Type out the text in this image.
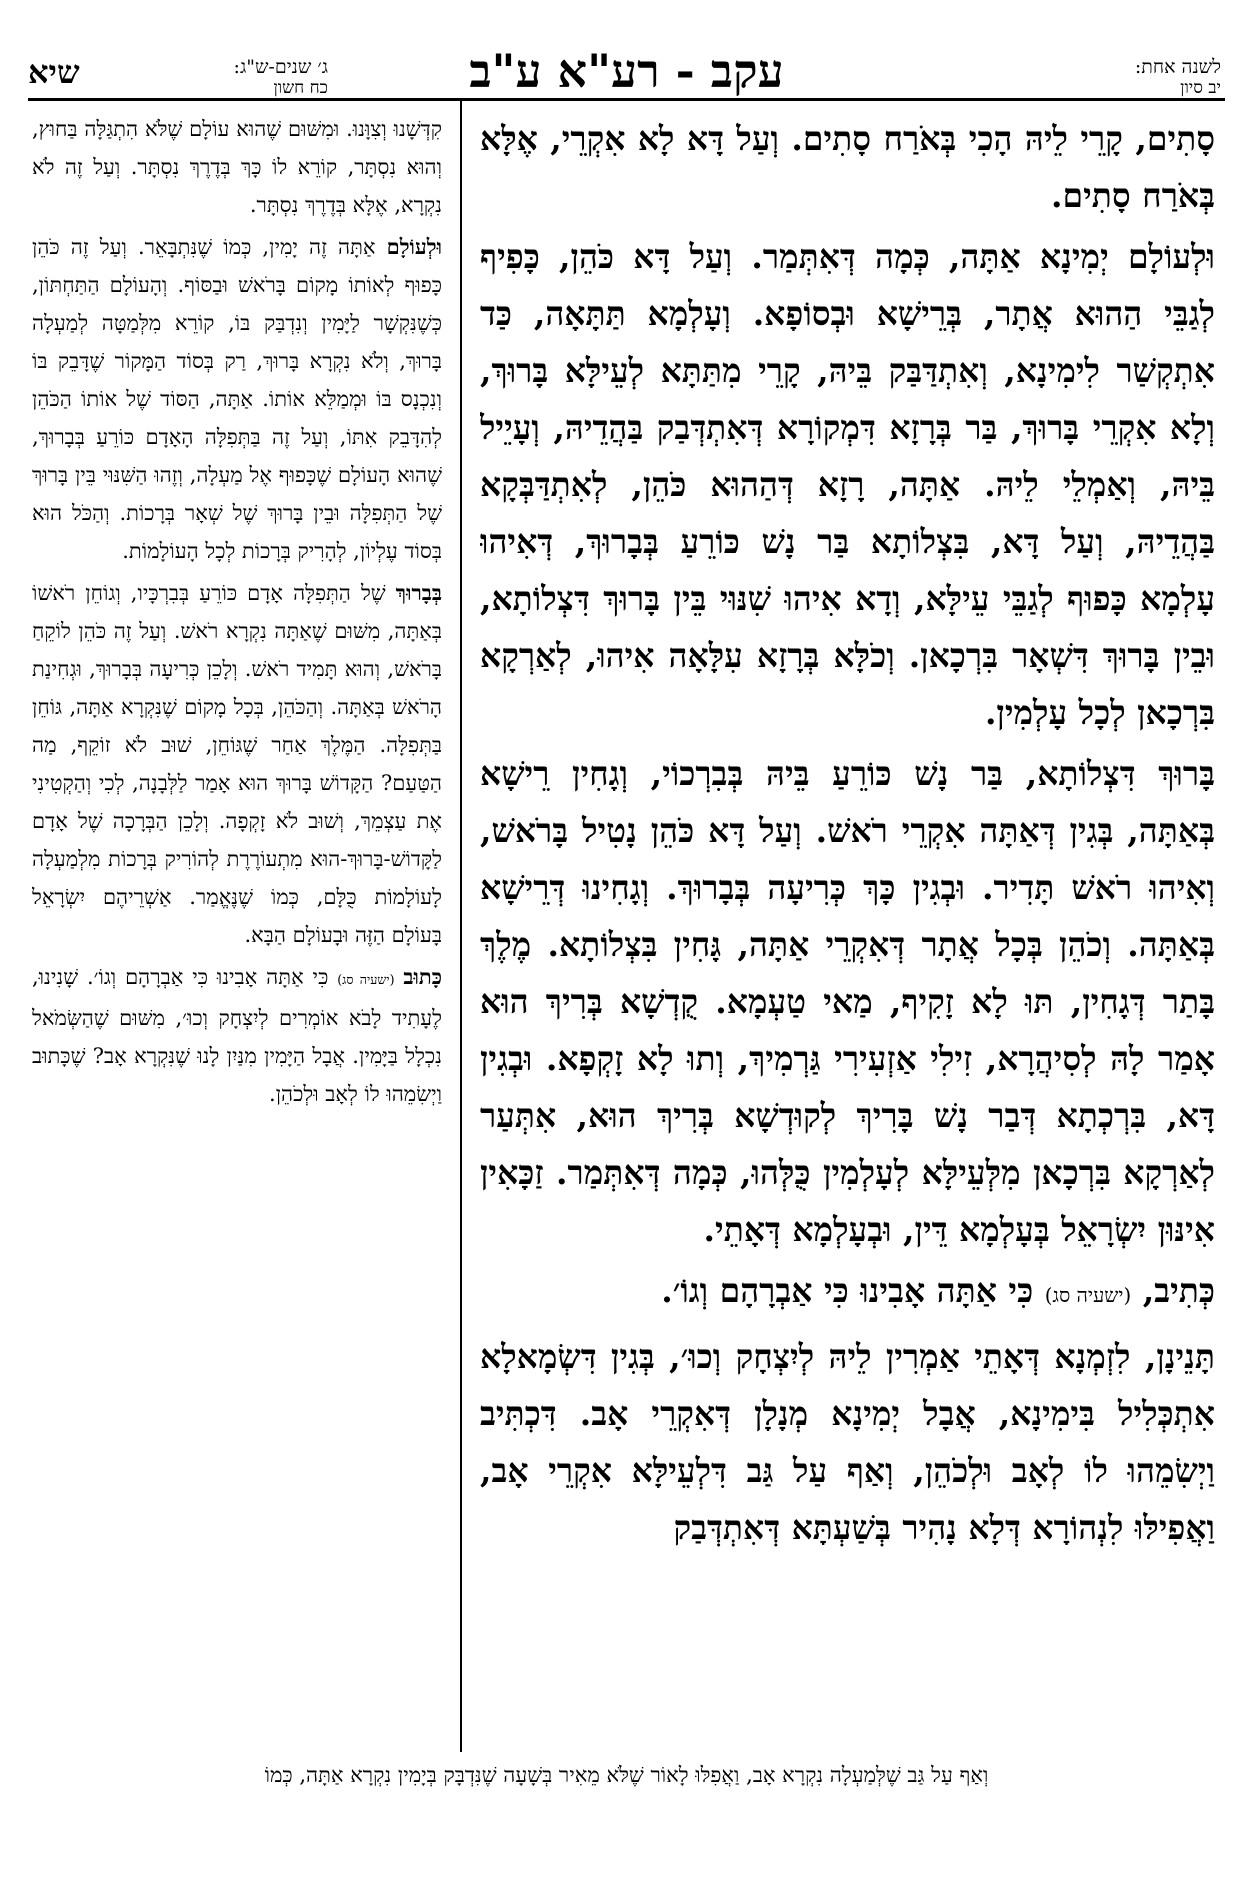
שיא	ג׳ שנים-ש"ג:
כח חשון	עקב - רע"א ע"ב	לשנה אחת:
יב סיון

סָתִים, קָרֵי לֵיהּ הָכִי בְּאֹרַח סָתִים. וְעַל דָּא לָא אִקְרֵי, אֶלָּא בְּאֹרַח סָתִים.

וּלְעוֹלָם יְמִינָא אַתָּה, כְּמָה דְּאִתְּמַר. וְעַל דָּא כֹּהֵן, כָּפִיף לְגַבֵּי הַהוּא אֲתָר, בְּרֵישָׁא וּבְסוֹפָא. וְעָלְמָא תַּתָּאָה, כַּד אִתְקְשַׁר לִימִינָא, וְאִתְדַּבַּק בֵּיהּ, קָרֵי מִתַּתָּא לְעֵילָּא בָּרוּךְ, וְלָא אִקְרֵי בָּרוּךְ, בַּר בְּרָזָא דִּמְקוֹרָא דְּאִתְדְּבַק בַּהֲדֵיהּ, וְעָיֵיל בֵּיהּ, וְאַמְלֵי לֵיהּ. אַתָּה, רָזָא דְּהַהוּא כֹּהֵן, לְאִתְדַּבְּקָא בַּהֲדֵיהּ, וְעַל דָּא, בִּצְלוֹתָא בַּר נָשׁ כּוֹרֵעַ בְּבָרוּךְ, דְּאִיהוּ עָלְמָא כָּפוּף לְגַבֵּי עֵילָּא, וְדָא אִיהוּ שִׁנּוּי בֵּין בָּרוּךְ דִּצְלוֹתָא, וּבֵין בָּרוּךְ דִּשְׁאָר בִּרְכָאן. וְכֹלָּא בְּרָזָא עִלָּאָה אִיהוּ, לְאַרְקָא בִּרְכָאן לְכָל עָלְמִין.

בָּרוּךְ דִּצְלוֹתָא, בַּר נָשׁ כּוֹרֵעַ בֵּיהּ בְּבִרְכוֹי, וְגָחִין רֵישָׁא בְּאַתָּה, בְּגִין דְּאַתָּה אִקְרֵי רֹאשׁ. וְעַל דָּא כֹּהֵן נָטִיל בָּרֹאשׁ, וְאִיהוּ רֹאשׁ תָּדִיר. וּבְגִין כָּךְ כְּרִיעָה בְּבָרוּךְ. וְגָחִינוּ דְּרֵישָׁא בְּאַתָּה. וְכֹהֵן בְּכָל אֲתָר דְּאִקְרֵי אַתָּה, גָּחִין בִּצְלוֹתָא. מֶלֶךְ בָּתַר דְּגָחִין, תּוּ לָא זָקִיף, מַאי טַעְמָא. קֻדְשָׁא בְּרִיךְ הוּא אָמַר לָהּ לְסִיהֲרָא, זִילִי אַזְעִירִי גַּרְמִיךְ, וְתוּ לָא זָקְפָא. וּבְגִין דָּא, בִּרְכְתָא דְּבַר נָשׁ בָּרִיךְ לְקוּדְשָׁא בְּרִיךְ הוּא, אִתְּעַר לְאַרְקָא בִּרְכָאן מִלְּעֵילָּא לְעָלְמִין כֻּלְּהוּ, כְּמָה דְּאִתְּמַר. זַכָּאִין אִינּוּן יִשְׂרָאֵל בְּעָלְמָא דֵּין, וּבְעָלְמָא דְּאָתֵי.

כְּתִיב, (ישעיה סג) כִּי אַתָּה אָבִינוּ כִּי אַבְרָהָם וְגוֹ׳.

תָּנֵינָן, לִזְמְנָא דְּאָתֵי אַמְרִין לֵיהּ לְיִצְחָק וְכוּ׳, בְּגִין דִּשְׂמָאלָא אִתְכְּלִיל בִּימִינָא, אֲבָל יְמִינָא מְנָלָן דְּאִקְרֵי אָב. דִּכְתִּיב וַיְשִׂמֵהוּ לוֹ לְאָב וּלְכֹהֵן, וְאַף עַל גַּב דִּלְעֵילָּא אִקְרֵי אָב, וַאֲפִילּוּ לִנְהוֹרָא דְּלָא נָהִיר בְּשַׁעְתָּא דְּאִתְדְּבַק

קִדְּשָׁנוּ וְצִוָּנוּ. וּמִשּׁוּם שֶׁהוּא עוֹלָם שֶׁלֹּא הִתְגַּלָּה בַּחוּץ, וְהוּא נִסְתָּר, קוֹרֵא לוֹ כָּךְ בְּדֶרֶךְ נִסְתָּר. וְעַל זֶה לֹא נִקְרָא, אֶלָּא בְּדֶרֶךְ נִסְתָּר.

וּלְעוֹלָם אַתָּה זֶה יָמִין, כְּמוֹ שֶׁנִּתְבָּאֵר. וְעַל זֶה כֹּהֵן כָּפוּף לְאוֹתוֹ מָקוֹם בָּרֹאשׁ וּבַסּוֹף. וְהָעוֹלָם הַתַּחְתּוֹן, כְּשֶׁנִּקְשָׁר לַיָּמִין וְנִדְבַּק בּוֹ, קוֹרֵא מִלְּמַטָּה לְמַעְלָה בָּרוּךְ, וְלֹא נִקְרָא בָּרוּךְ, רַק בְּסוֹד הַמָּקוֹר שֶׁדָּבֵק בּוֹ וְנִכְנָס בּוֹ וּמְמַלֵּא אוֹתוֹ. אַתָּה, הַסּוֹד שֶׁל אוֹתוֹ הַכֹּהֵן לְהִדָּבֵק אִתּוֹ, וְעַל זֶה בַּתְּפִלָּה הָאָדָם כּוֹרֵעַ בְּבָרוּךְ, שֶׁהוּא הָעוֹלָם שֶׁכָּפוּף אֶל מַעְלָה, וְזֶהוּ הַשִּׁנּוּי בֵּין בָּרוּךְ שֶׁל הַתְּפִלָּה וּבֵין בָּרוּךְ שֶׁל שְׁאָר בְּרָכוֹת. וְהַכֹּל הוּא בְּסוֹד עֶלְיוֹן, לְהָרִיק בְּרָכוֹת לְכָל הָעוֹלָמוֹת.

בְּבָרוּךְ שֶׁל הַתְּפִלָּה אָדָם כּוֹרֵעַ בְּבִרְכָּיו, וְגוֹחֵן רֹאשׁוֹ בְּאַתָּה, מִשּׁוּם שֶׁאַתָּה נִקְרָא רֹאשׁ. וְעַל זֶה כֹּהֵן לוֹקֵחַ בָּרֹאשׁ, וְהוּא תָּמִיד רֹאשׁ. וְלָכֵן כְּרִיעָה בְּבָרוּךְ, וּגְחִינַת הָרֹאשׁ בְּאַתָּה. וְהַכֹּהֵן, בְּכָל מָקוֹם שֶׁנִּקְרָא אַתָּה, גּוֹחֵן בַּתְּפִלָּה. הַמֶּלֶךְ אַחַר שֶׁגּוֹחֵן, שׁוּב לֹא זוֹקֵף, מַה הַטַּעַם? הַקָּדוֹשׁ בָּרוּךְ הוּא אָמַר לַלְּבָנָה, לְכִי וְהַקְטִינִי אֶת עַצְמֵךְ, וְשׁוּב לֹא זָקְפָה. וְלָכֵן הַבְּרָכָה שֶׁל אָדָם לַקָּדוֹשׁ-בָּרוּךְ-הוּא מִתְעוֹרֶרֶת לְהוֹרִיק בְּרָכוֹת מִלְמַעְלָה לָעוֹלָמוֹת כֻּלָּם, כְּמוֹ שֶׁנֶּאֱמַר. אַשְׁרֵיהֶם יִשְׂרָאֵל בָּעוֹלָם הַזֶּה וּבָעוֹלָם הַבָּא.

כָּתוּב (ישעיה סג) כִּי אַתָּה אָבִינוּ כִּי אַבְרָהָם וְגוֹ׳. שָׁנִינוּ, לֶעָתִיד לָבֹא אוֹמְרִים לְיִצְחָק וְכוּ׳, מִשּׁוּם שֶׁהַשְּׂמֹאל נִכְלָל בַּיָּמִין. אֲבָל הַיָּמִין מִנַּיִן לָנוּ שֶׁנִּקְרָא אָב? שֶׁכָּתוּב וַיְשִׂמֵהוּ לוֹ לְאָב וּלְכֹהֵן.

וְאַף עַל גַּב שֶׁלְּמַעְלָה נִקְרָא אָב, וַאֲפִלּוּ לָאוֹר שֶׁלֹּא מֵאִיר בְּשָׁעָה שֶׁנִּדְבָּק בְּיָמִין נִקְרָא אַתָּה, כְּמוֹ
